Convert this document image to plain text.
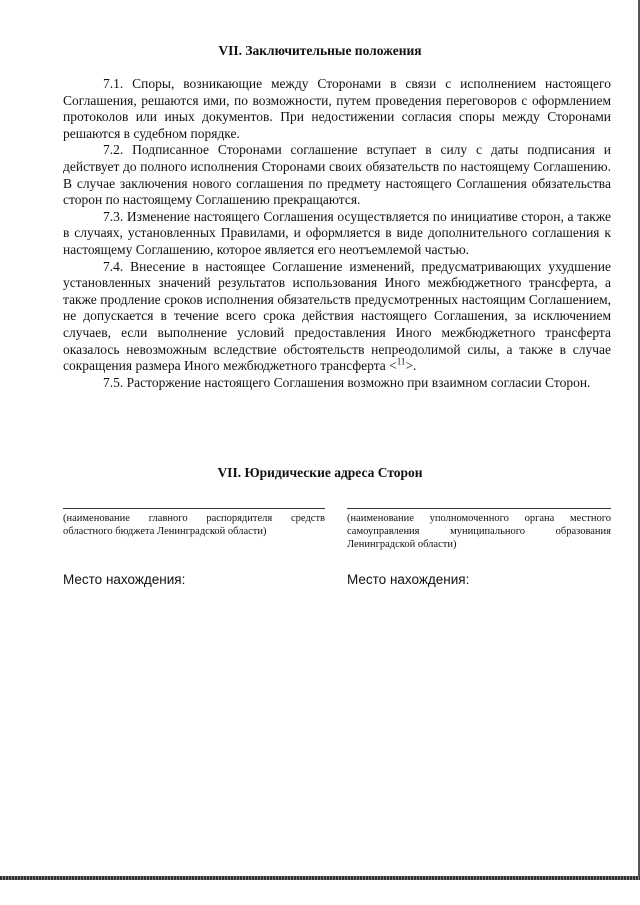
VII. Заключительные положения

7.1. Споры, возникающие между Сторонами в связи с исполнением настоящего Соглашения, решаются ими, по возможности, путем проведения переговоров с оформлением протоколов или иных документов. При недостижении согласия споры между Сторонами решаются в судебном порядке.

7.2. Подписанное Сторонами соглашение вступает в силу с даты подписания и действует до полного исполнения Сторонами своих обязательств по настоящему Соглашению. В случае заключения нового соглашения по предмету настоящего Соглашения обязательства сторон по настоящему Соглашению прекращаются.

7.3. Изменение настоящего Соглашения осуществляется по инициативе сторон, а также в случаях, установленных Правилами, и оформляется в виде дополнительного соглашения к настоящему Соглашению, которое является его неотъемлемой частью.

7.4. Внесение в настоящее Соглашение изменений, предусматривающих ухудшение установленных значений результатов использования Иного межбюджетного трансферта, а также продление сроков исполнения обязательств предусмотренных настоящим Соглашением, не допускается в течение всего срока действия настоящего Соглашения, за исключением случаев, если выполнение условий предоставления Иного межбюджетного трансферта оказалось невозможным вследствие обстоятельств непреодолимой силы, а также в случае сокращения размера Иного межбюджетного трансферта <$^{11}$>.

7.5. Расторжение настоящего Соглашения возможно при взаимном согласии Сторон.

VII. Юридические адреса Сторон
(наименование главного распорядителя средств областного бюджета Ленинградской области)
(наименование уполномоченного органа местного самоуправления муниципального образования Ленинградской области)
Место нахождения:	Место нахождения:
